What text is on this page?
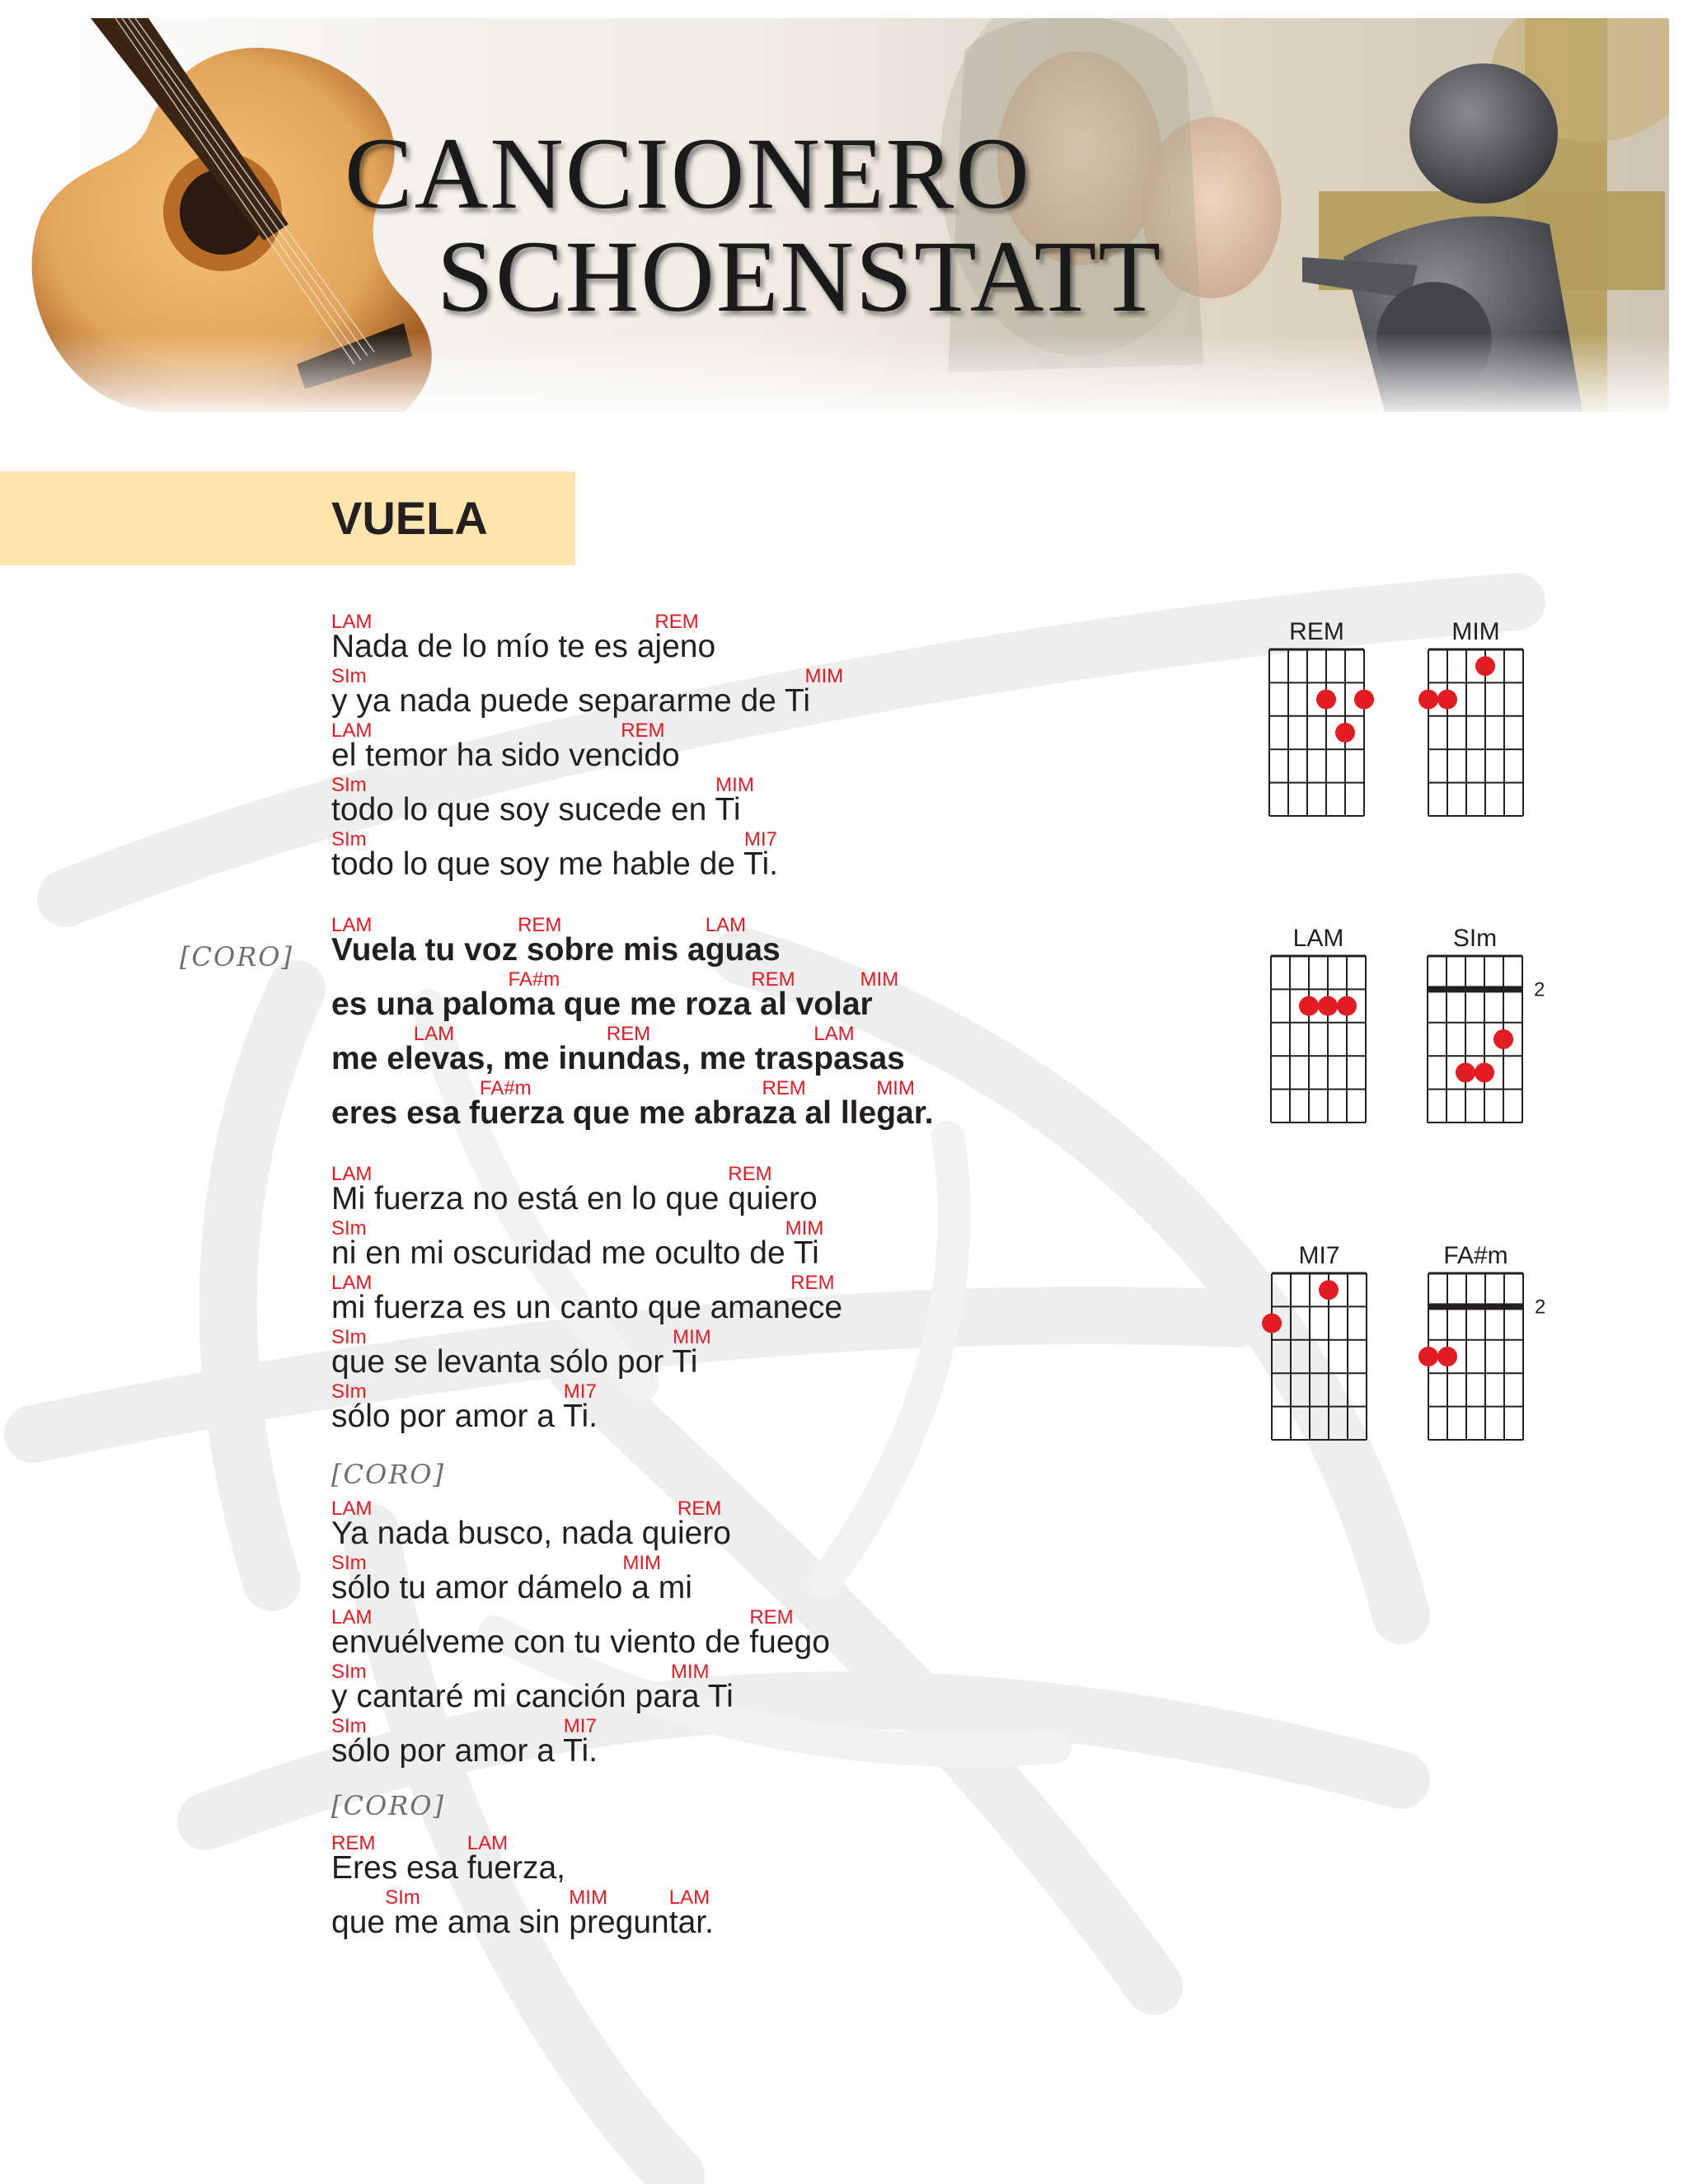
CANCIONERO
SCHOENSTATT
VUELA
Nada de lo mío te es ajeno
LAM	REM
y ya nada puede separarme de Ti
SIm	MIM
el temor ha sido vencido
LAM	REM
todo lo que soy sucede en Ti
SIm	MIM
todo lo que soy me hable de Ti.
SIm	MI7
Vuela tu voz sobre mis aguas
LAM	REM	LAM
[CORO]
es una paloma que me roza al volar
FA#m	REM	MIM
me elevas, me inundas, me traspasas
LAM	REM	LAM
eres esa fuerza que me abraza al llegar.
FA#m	REM	MIM
Mi fuerza no está en lo que quiero
LAM	REM
ni en mi oscuridad me oculto de Ti
SIm	MIM
mi fuerza es un canto que amanece
LAM	REM
que se levanta sólo por Ti
SIm	MIM
sólo por amor a Ti.
SIm	MI7
Ya nada busco, nada quiero
LAM	REM
sólo tu amor dámelo a mi
SIm	MIM
envuélveme con tu viento de fuego
LAM	REM
y cantaré mi canción para Ti
SIm	MIM
sólo por amor a Ti.
SIm	MI7
Eres esa fuerza,
REM	LAM
que me ama sin preguntar.
SIm	MIM	LAM
[CORO]
[CORO]
REM	MIM
LAM	SIm
2
MI7	FA#m
2
